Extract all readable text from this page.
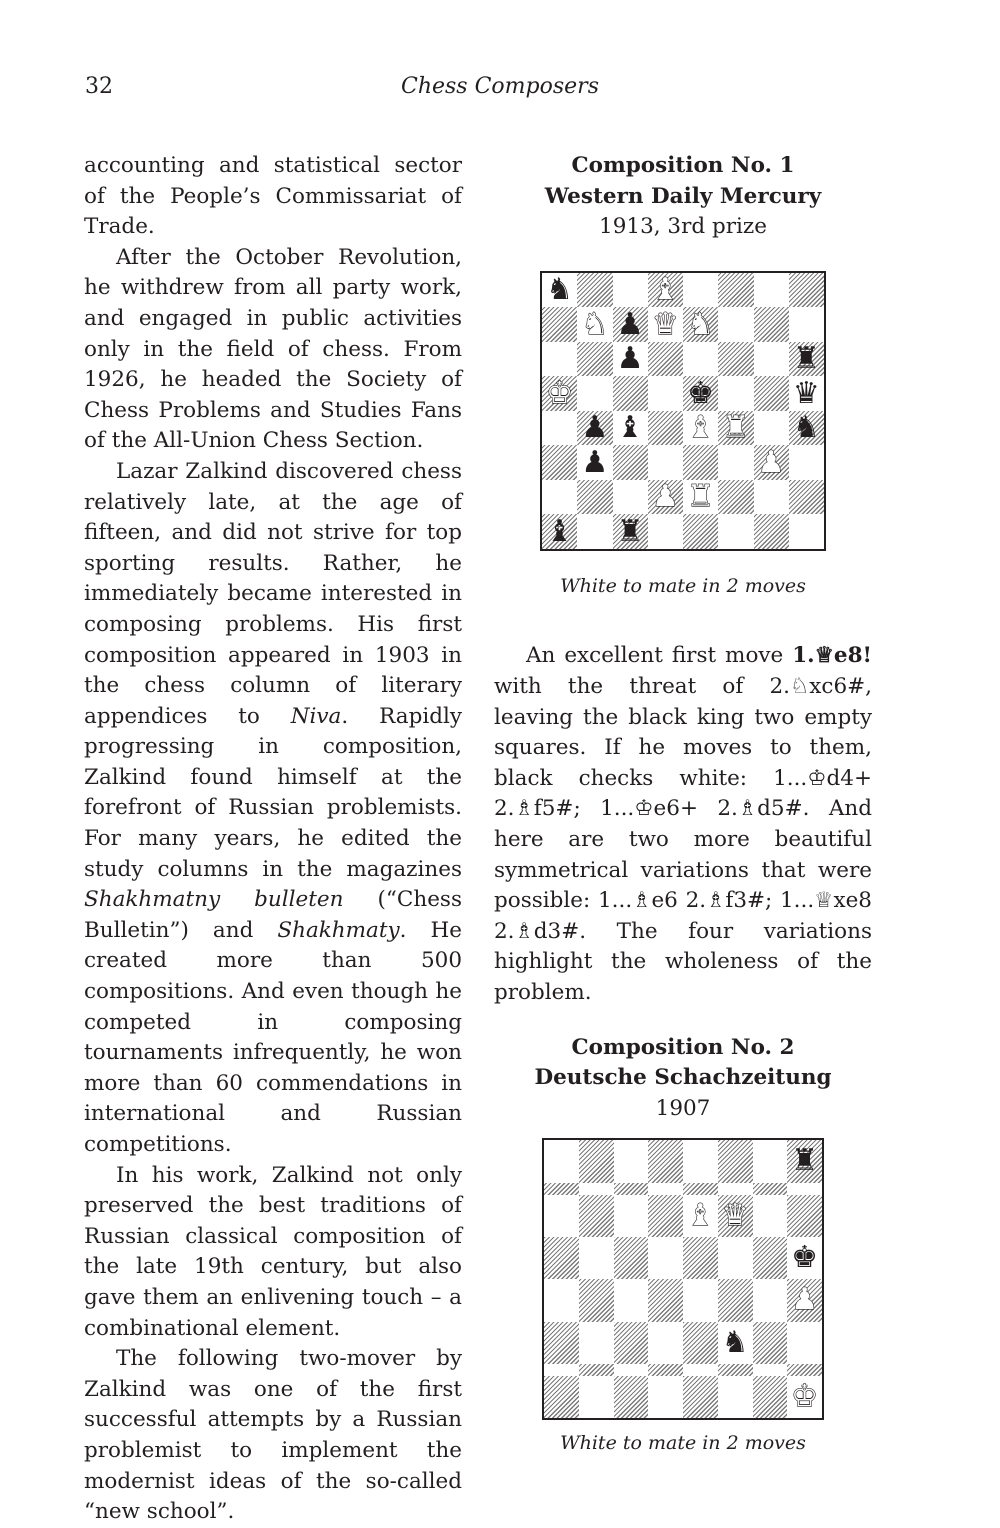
32	Chess Composers

accounting and statistical sector of the People’s Commissariat of Trade.

After the October Revolution, he withdrew from all party work, and engaged in public activities only in the field of chess. From 1926, he headed the Society of Chess Problems and Studies Fans of the All-Union Chess Section.

Lazar Zalkind discovered chess relatively late, at the age of fifteen, and did not strive for top sporting results. Rather, he immediately became interested in composing problems. His first composition appeared in 1903 in the chess column of literary appendices to Niva. Rapidly progressing in composition, Zalkind found himself at the forefront of Russian problemists. For many years, he edited the study columns in the magazines Shakhmatny bulleten (“Chess Bulletin”) and Shakhmaty. He created more than 500 compositions. And even though he competed in composing tournaments infrequently, he won more than 60 commendations in international and Russian competitions.

In his work, Zalkind not only preserved the best traditions of Russian classical composition of the late 19th century, but also gave them an enlivening touch – a combinational element.

The following two-mover by Zalkind was one of the first successful attempts by a Russian problemist to implement the modernist ideas of the so-called “new school”.

Composition No. 1
Western Daily Mercury
1913, 3rd prize
♞	♝
♞ ♟ ♛ ♞
♟	♜
♚	♚	♛
♟ ♝ ♝ ♜ ♞
♟	♟
♟ ♜
♝ ♜
White to mate in 2 moves

An excellent first move 1.♕e8! with the threat of 2.♘xc6#, leaving the black king two empty squares. If he moves to them, black checks white: 1...♔d4+ 2.♗f5#; 1...♔e6+ 2.♗d5#. And here are two more beautiful symmetrical variations that were possible: 1...♗e6 2.♗f3#; 1...♕xe8 2.♗d3#. The four variations highlight the wholeness of the problem.

Composition No. 2
Deutsche Schachzeitung
1907
♜
♝ ♛
♚
♟
♞
♚
White to mate in 2 moves
